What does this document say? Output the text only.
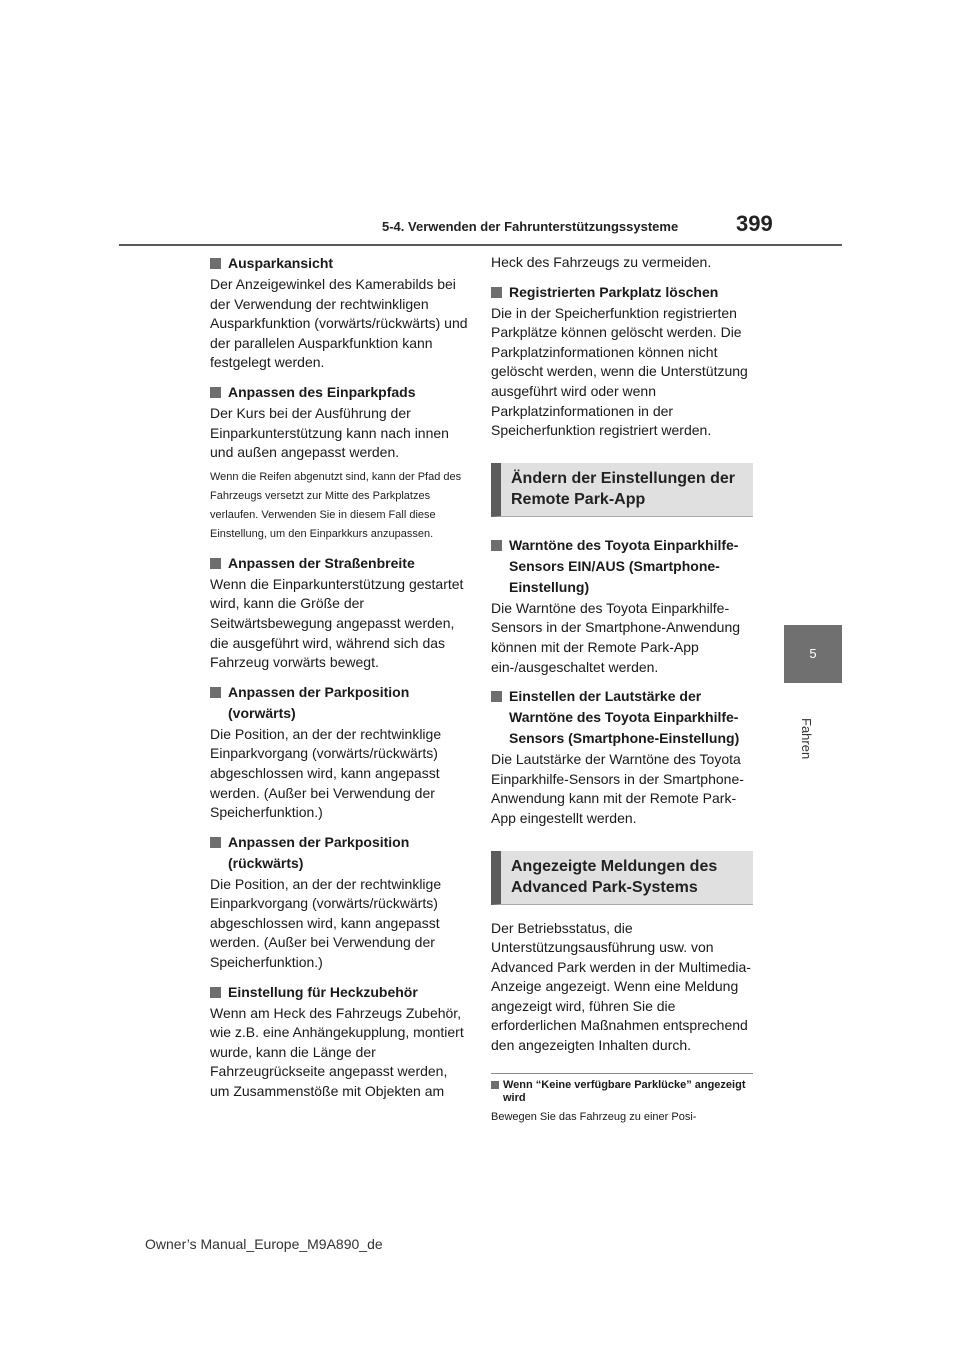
5-4. Verwenden der Fahrunterstützungssysteme	399
5
Fahren
Ausparkansicht

Der Anzeigewinkel des Kamerabilds bei der Verwendung der rechtwinkligen Ausparkfunktion (vorwärts/rückwärts) und der parallelen Ausparkfunktion kann festgelegt werden.

Anpassen des Einparkpfads

Der Kurs bei der Ausführung der Einparkunterstützung kann nach innen und außen angepasst werden.

Wenn die Reifen abgenutzt sind, kann der Pfad des Fahrzeugs versetzt zur Mitte des Parkplatzes verlaufen. Verwenden Sie in diesem Fall diese Einstellung, um den Einparkkurs anzupassen.

Anpassen der Straßenbreite

Wenn die Einparkunterstützung gestartet wird, kann die Größe der Seitwärtsbewegung angepasst werden, die ausgeführt wird, während sich das Fahrzeug vorwärts bewegt.

Anpassen der Parkposition (vorwärts)

Die Position, an der der rechtwinklige Einparkvorgang (vorwärts/rückwärts) abgeschlossen wird, kann angepasst werden. (Außer bei Verwendung der Speicherfunktion.)

Anpassen der Parkposition (rückwärts)

Die Position, an der der rechtwinklige Einparkvorgang (vorwärts/rückwärts) abgeschlossen wird, kann angepasst werden. (Außer bei Verwendung der Speicherfunktion.)

Einstellung für Heckzubehör

Wenn am Heck des Fahrzeugs Zubehör, wie z.B. eine Anhängekupplung, montiert wurde, kann die Länge der Fahrzeugrückseite angepasst werden, um Zusammenstöße mit Objekten am

Heck des Fahrzeugs zu vermeiden.

Registrierten Parkplatz löschen

Die in der Speicherfunktion registrierten Parkplätze können gelöscht werden. Die Parkplatzinformationen können nicht gelöscht werden, wenn die Unterstützung ausgeführt wird oder wenn Parkplatzinformationen in der Speicherfunktion registriert werden.

Ändern der Einstellungen der Remote Park-App
Warntöne des Toyota Einparkhilfe-Sensors EIN/AUS (Smartphone-Einstellung)

Die Warntöne des Toyota Einparkhilfe-Sensors in der Smartphone-Anwendung können mit der Remote Park-App ein-/ausgeschaltet werden.

Einstellen der Lautstärke der Warntöne des Toyota Einparkhilfe-Sensors (Smartphone-Einstellung)

Die Lautstärke der Warntöne des Toyota Einparkhilfe-Sensors in der Smartphone-Anwendung kann mit der Remote Park-App eingestellt werden.

Angezeigte Meldungen des Advanced Park-Systems

Der Betriebsstatus, die Unterstützungsausführung usw. von Advanced Park werden in der Multimedia-Anzeige angezeigt. Wenn eine Meldung angezeigt wird, führen Sie die erforderlichen Maßnahmen entsprechend den angezeigten Inhalten durch.

Wenn “Keine verfügbare Parklücke” angezeigt wird

Bewegen Sie das Fahrzeug zu einer Posi-

Owner’s Manual_Europe_M9A890_de
